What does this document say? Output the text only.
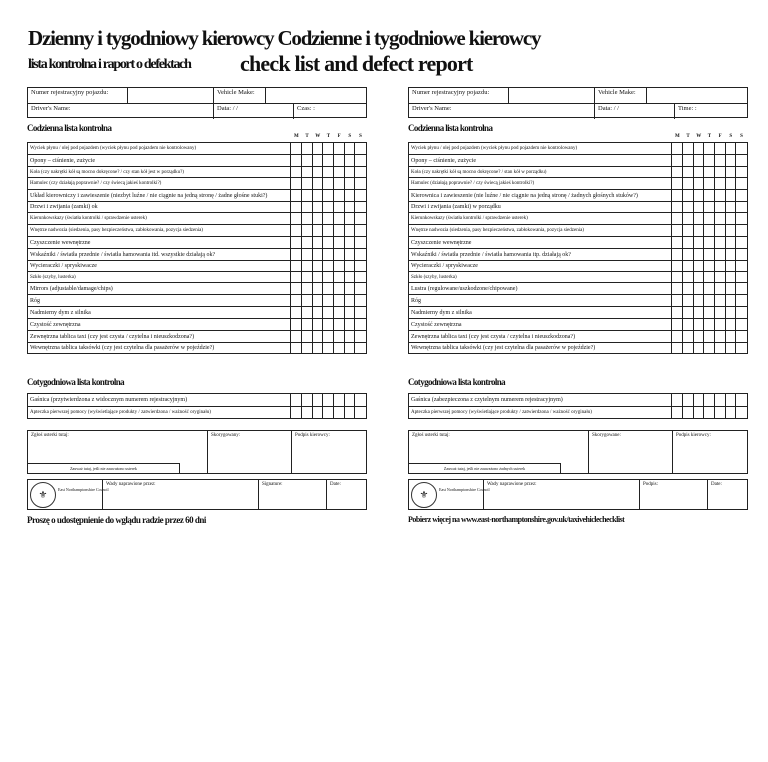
Dzienny i tygodniowy kierowcy Codzienne i tygodniowe kierowcy
lista kontrolna i raport o defektach check list and defect report
Numer rejestracyjny pojazdu:	Vehicle Make:
Driver's Name:	Data: / /	Czas: :
Codzienna lista kontrolna
M	T	W	T	F	S	S
Wyciek płynu / olej pod pojazdem (wyciek płynu pod pojazdem nie kontrolowany)
Opony – ciśnienie, zużycie
Koła (czy nakrętki kół są mocno dokręcone? / czy stan kół jest w porządku?)
Hamulec (czy działają poprawnie? / czy świecą jakieś kontrolki?)
Układ kierowniczy i zawieszenie (niezbyt luźne / nie ciągnie na jedną stronę / żadne głośne stuki?)
Drzwi i zwijania (zamki) ok
Kierunkowskazy (światła kontrolki / sprawdzenie usterek)
Wnętrze nadwozia (siedzenia, pasy bezpieczeństwa, zabłokowania, pozycja siedzenia)
Czyszczenie wewnętrzne
Wskaźniki / światła przednie / światła hamowania itd. wszystkie działają ok?
Wycieraczki / spryskiwacze
Szkło (szyby, lusterka)
Mirrors (adjustable/damage/chips)
Róg
Nadmierny dym z silnika
Czystość zewnętrzna
Zewnętrzna tablica taxi (czy jest czysta / czytelna i nieuszkodzona?)
Wewnętrzna tablica taksówki (czy jest czytelna dla pasażerów w pojeździe?)
Cotygodniowa lista kontrolna
Gaśnica (przytwierdzona z widocznym numerem rejestracyjnym)
Apteczka pierwszej pomocy (wyświetlające produkty / zatwierdzona / ważność oryginału)
Zgłoś usterki tutaj:
Zauważ tutaj, jeśli nie zauważono usterek
Skorygowany:	Podpis kierowcy:
⚜	East Northamptonshire Council
Wady naprawione przez:	Signature:	Date:
Proszę o udostępnienie do wglądu radzie przez 60 dni
Numer rejestracyjny pojazdu:	Vehicle Make:
Driver's Name:	Data: / /	Time: :
Codzienna lista kontrolna
M	T	W	T	F	S	S
Wyciek płynu / olej pod pojazdem (wyciek płynu pod pojazdem nie kontrolowany)
Opony – ciśnienie, zużycie
Koła (czy nakrętki kół są mocno dokręcone? / stan kół w porządku)
Hamulec (działają poprawnie? / czy świecą jakieś kontrolki?)
Kierownica i zawieszenie (nie luźne / nie ciągnie na jedną stronę / żadnych głośnych stuków?)
Drzwi i zwijania (zamki) w porządku
Kierunkowskazy (światła kontrolki / sprawdzenie usterek)
Wnętrze nadwozia (siedzenia, pasy bezpieczeństwa, zabłokowania, pozycja siedzenia)
Czyszczenie wewnętrzne
Wskaźniki / światła przednie / światła hamowania itp. działają ok?
Wycieraczki / spryskiwacze
Szkło (szyby, lusterka)
Lustra (regulowane/uszkodzone/chipowane)
Róg
Nadmierny dym z silnika
Czystość zewnętrzna
Zewnętrzna tablica taxi (czy jest czysta / czytelna i nieuszkodzona?)
Wewnętrzna tablica taksówki (czy jest czytelna dla pasażerów w pojeździe?)
Cotygodniowa lista kontrolna
Gaśnica (zabezpieczona z czytelnym numerem rejestracyjnym)
Apteczka pierwszej pomocy (wyświetlające produkty / zatwierdzona / ważność oryginału)
Zgłoś usterki tutaj:
Zauważ tutaj, jeśli nie zauważono żadnych usterek
Skorygowane:	Podpis kierowcy:
⚜	East Northamptonshire Council
Wady naprawione przez:	Podpis:	Date:
Pobierz więcej na www.east-northamptonshire.gov.uk/taxivehiclechecklist
